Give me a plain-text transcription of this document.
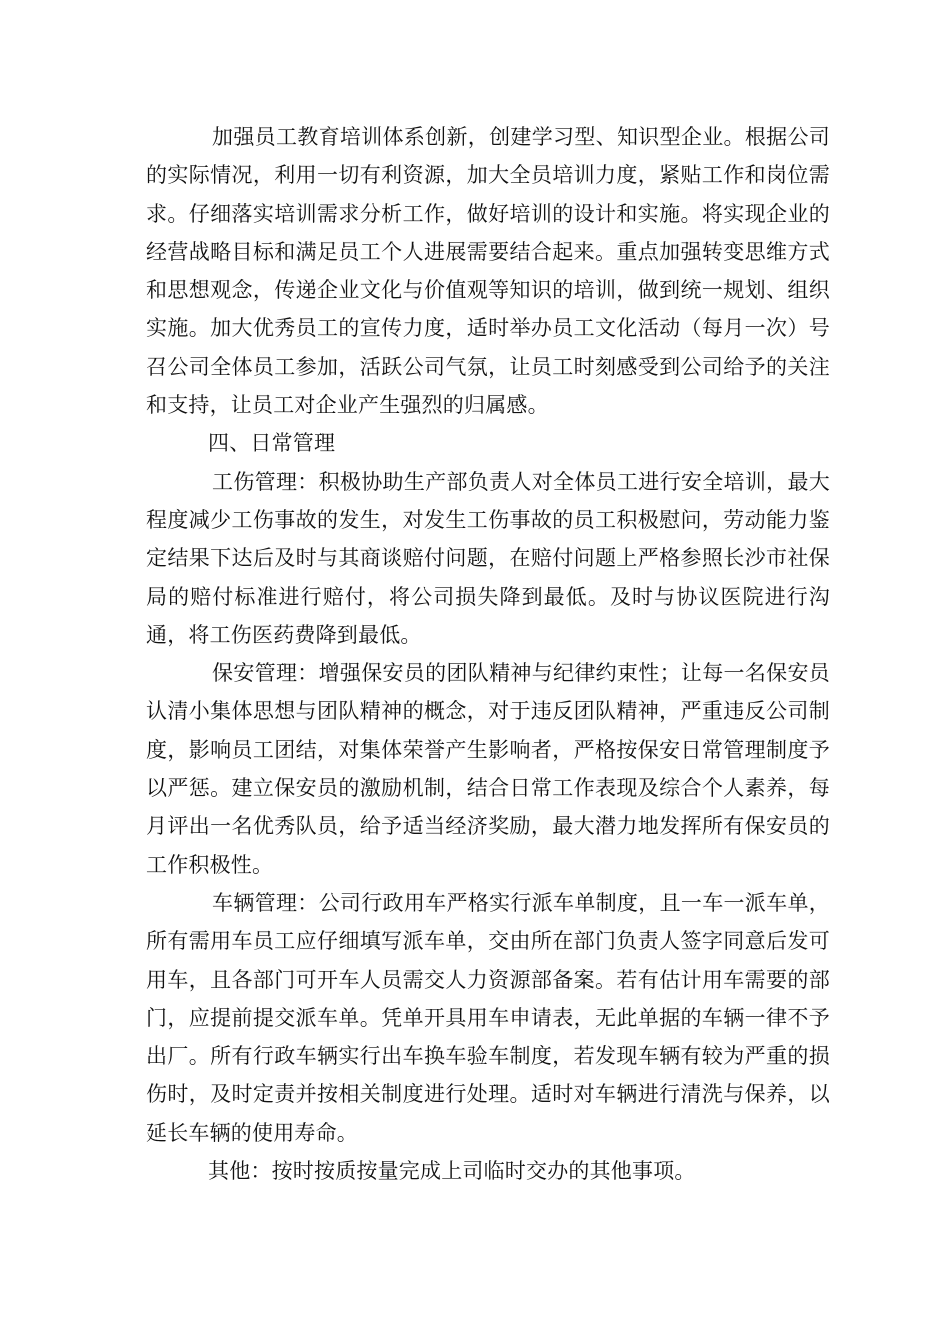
加强员工教育培训体系创新，创建学习型、知识型企业。根据公司的实际情况，利用一切有利资源，加大全员培训力度，紧贴工作和岗位需求。仔细落实培训需求分析工作，做好培训的设计和实施。将实现企业的经营战略目标和满足员工个人进展需要结合起来。重点加强转变思维方式和思想观念，传递企业文化与价值观等知识的培训，做到统一规划、组织实施。加大优秀员工的宣传力度，适时举办员工文化活动（每月一次）号召公司全体员工参加，活跃公司气氛，让员工时刻感受到公司给予的关注和支持，让员工对企业产生强烈的归属感。

四、日常管理

工伤管理：积极协助生产部负责人对全体员工进行安全培训，最大程度减少工伤事故的发生，对发生工伤事故的员工积极慰问，劳动能力鉴定结果下达后及时与其商谈赔付问题，在赔付问题上严格参照长沙市社保局的赔付标准进行赔付，将公司损失降到最低。及时与协议医院进行沟通，将工伤医药费降到最低。

保安管理：增强保安员的团队精神与纪律约束性；让每一名保安员认清小集体思想与团队精神的概念，对于违反团队精神，严重违反公司制度，影响员工团结，对集体荣誉产生影响者，严格按保安日常管理制度予以严惩。建立保安员的激励机制，结合日常工作表现及综合个人素养，每月评出一名优秀队员，给予适当经济奖励，最大潜力地发挥所有保安员的工作积极性。

车辆管理：公司行政用车严格实行派车单制度，且一车一派车单，所有需用车员工应仔细填写派车单，交由所在部门负责人签字同意后发可用车，且各部门可开车人员需交人力资源部备案。若有估计用车需要的部门，应提前提交派车单。凭单开具用车申请表，无此单据的车辆一律不予出厂。所有行政车辆实行出车换车验车制度，若发现车辆有较为严重的损伤时，及时定责并按相关制度进行处理。适时对车辆进行清洗与保养，以延长车辆的使用寿命。

其他：按时按质按量完成上司临时交办的其他事项。
